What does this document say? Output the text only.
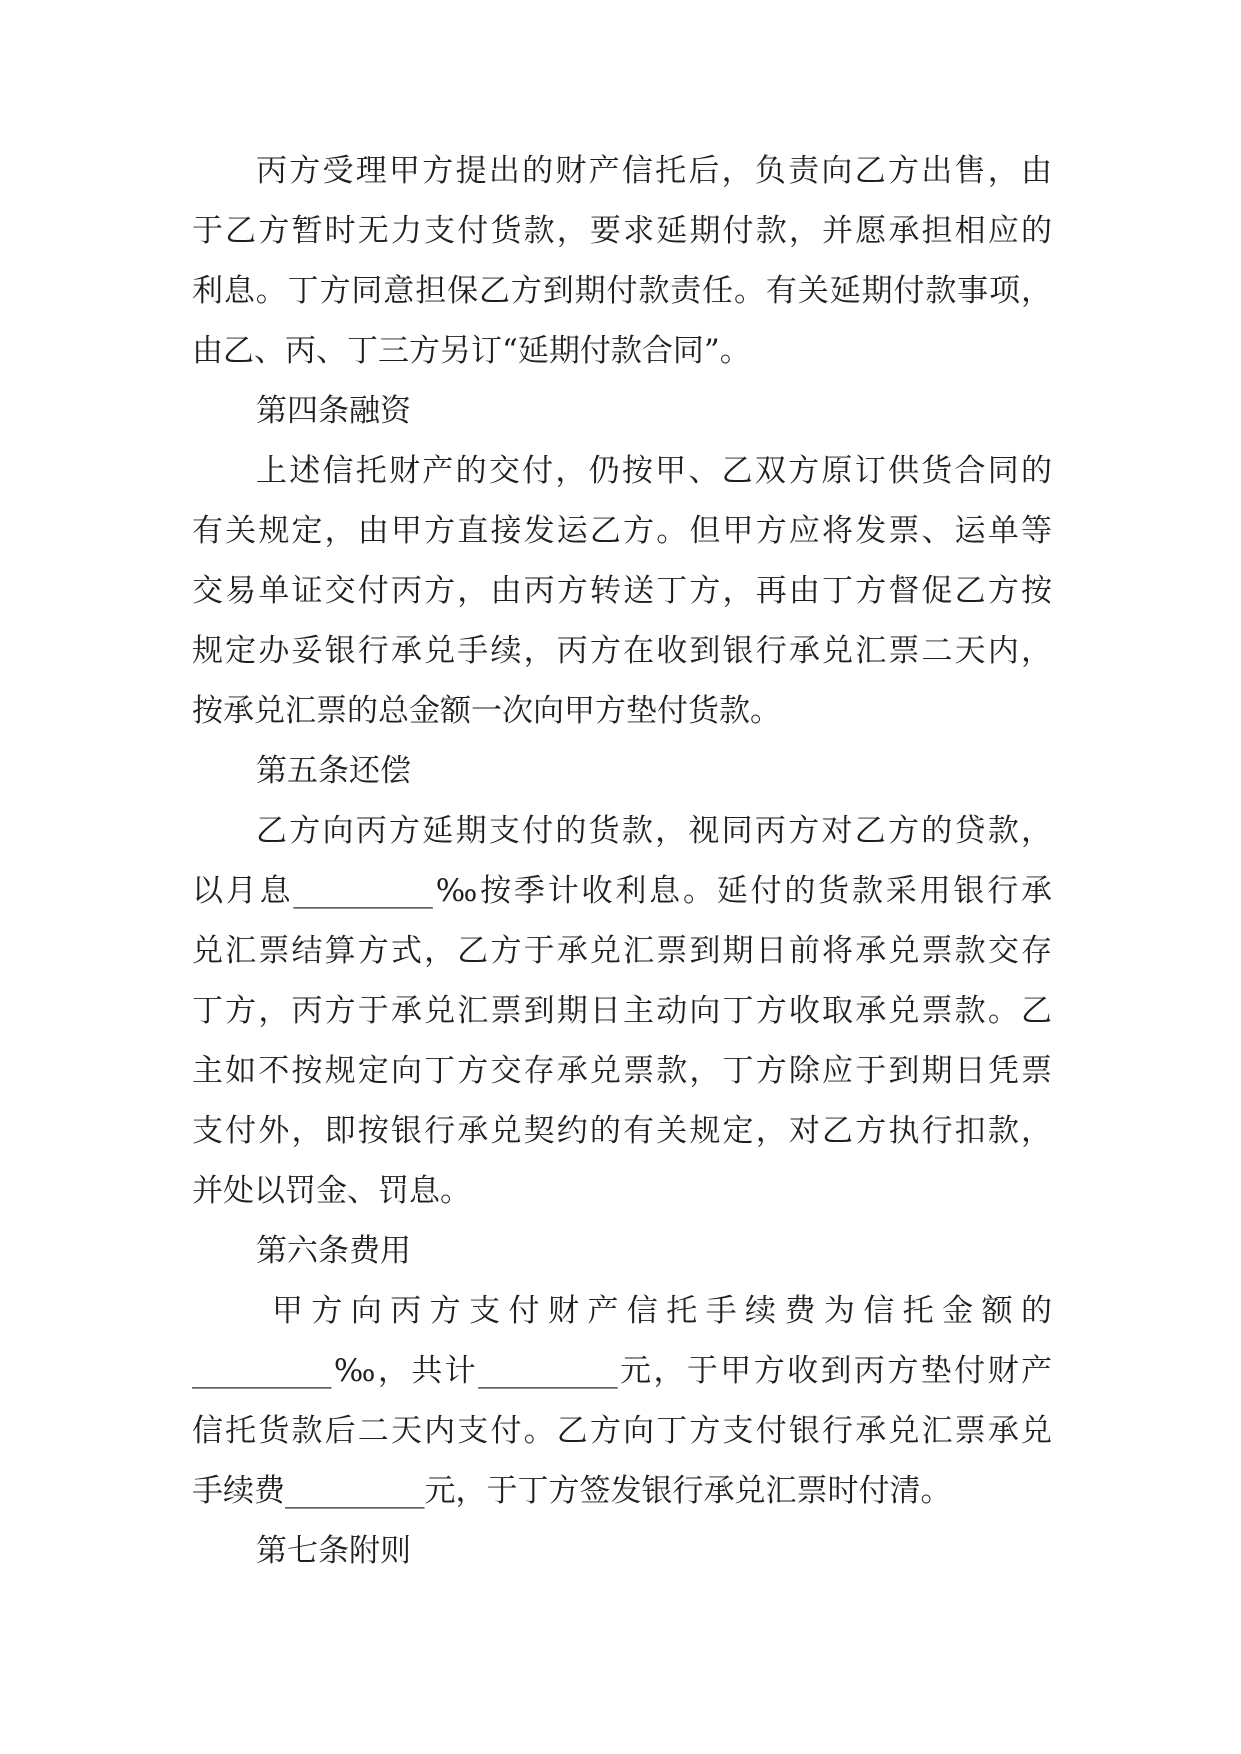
丙方受理甲方提出的财产信托后，负责向乙方出售，由
于乙方暂时无力支付货款，要求延期付款，并愿承担相应的
利息。丁方同意担保乙方到期付款责任。有关延期付款事项，
由乙、丙、丁三方另订“延期付款合同”。
第四条融资
上述信托财产的交付，仍按甲、乙双方原订供货合同的
有关规定，由甲方直接发运乙方。但甲方应将发票、运单等
交易单证交付丙方，由丙方转送丁方，再由丁方督促乙方按
规定办妥银行承兑手续，丙方在收到银行承兑汇票二天内，
按承兑汇票的总金额一次向甲方垫付货款。
第五条还偿
乙方向丙方延期支付的货款，视同丙方对乙方的贷款，
以月息_________‰按季计收利息。延付的货款采用银行承
兑汇票结算方式，乙方于承兑汇票到期日前将承兑票款交存
丁方，丙方于承兑汇票到期日主动向丁方收取承兑票款。乙
主如不按规定向丁方交存承兑票款，丁方除应于到期日凭票
支付外，即按银行承兑契约的有关规定，对乙方执行扣款，
并处以罚金、罚息。
第六条费用
甲方向丙方支付财产信托手续费为信托金额的
_________‰，共计_________元，于甲方收到丙方垫付财产
信托货款后二天内支付。乙方向丁方支付银行承兑汇票承兑
手续费_________元，于丁方签发银行承兑汇票时付清。
第七条附则
